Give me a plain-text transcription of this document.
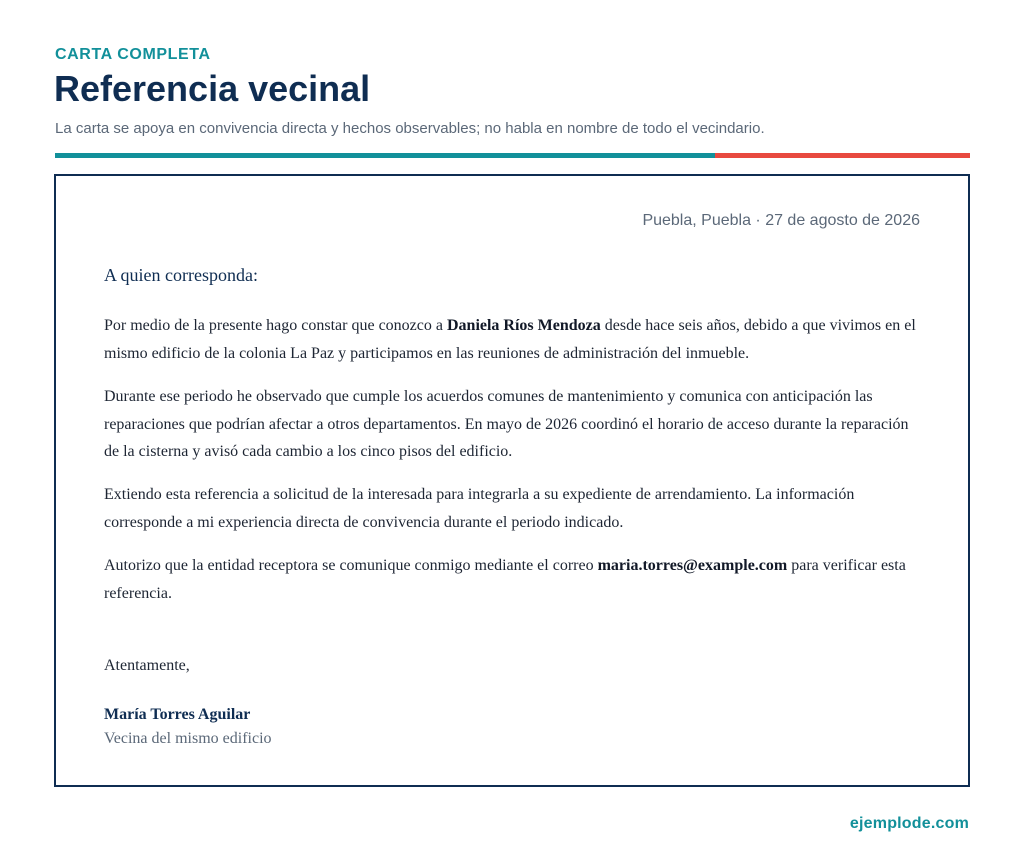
CARTA COMPLETA
Referencia vecinal
La carta se apoya en convivencia directa y hechos observables; no habla en nombre de todo el vecindario.
Puebla, Puebla · 27 de agosto de 2026
A quien corresponda:

Por medio de la presente hago constar que conozco a Daniela Ríos Mendoza desde hace seis años, debido a que vivimos en el mismo edificio de la colonia La Paz y participamos en las reuniones de administración del inmueble.

Durante ese periodo he observado que cumple los acuerdos comunes de mantenimiento y comunica con anticipación las reparaciones que podrían afectar a otros departamentos. En mayo de 2026 coordinó el horario de acceso durante la reparación de la cisterna y avisó cada cambio a los cinco pisos del edificio.

Extiendo esta referencia a solicitud de la interesada para integrarla a su expediente de arrendamiento. La información corresponde a mi experiencia directa de convivencia durante el periodo indicado.

Autorizo que la entidad receptora se comunique conmigo mediante el correo maria.torres@example.com para verificar esta referencia.

Atentamente,
María Torres Aguilar
Vecina del mismo edificio
ejemplode.com
